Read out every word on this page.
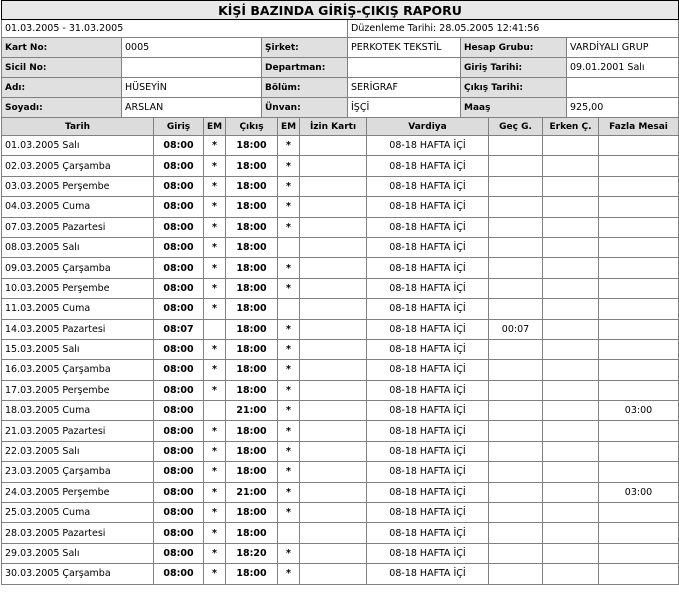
KİŞİ BAZINDA GİRİŞ-ÇIKIŞ RAPORU					
01.03.2005 - 31.03.2005			Düzenleme Tarihi: 28.05.2005 12:41:56		
Kart No:	0005	Şirket:	PERKOTEK TEKSTİL	Hesap Grubu:	VARDİYALI GRUP
Sicil No:		Departman:		Giriş Tarihi:	09.01.2001 Salı
Adı:	HÜSEYİN	Bölüm:	SERİGRAF	Çıkış Tarihi:	
Soyadı:	ARSLAN	Ünvan:	İŞÇİ	Maaş	925,00
Tarih	Giriş	EM	Çıkış	EM	İzin Kartı	Vardiya	Geç G.	Erken Ç.	Fazla Mesai
01.03.2005 Salı	08:00	*	18:00	*		08-18 HAFTA İÇİ			
02.03.2005 Çarşamba	08:00	*	18:00	*		08-18 HAFTA İÇİ			
03.03.2005 Perşembe	08:00	*	18:00	*		08-18 HAFTA İÇİ			
04.03.2005 Cuma	08:00	*	18:00	*		08-18 HAFTA İÇİ			
07.03.2005 Pazartesi	08:00	*	18:00	*		08-18 HAFTA İÇİ			
08.03.2005 Salı	08:00	*	18:00			08-18 HAFTA İÇİ			
09.03.2005 Çarşamba	08:00	*	18:00	*		08-18 HAFTA İÇİ			
10.03.2005 Perşembe	08:00	*	18:00	*		08-18 HAFTA İÇİ			
11.03.2005 Cuma	08:00	*	18:00			08-18 HAFTA İÇİ			
14.03.2005 Pazartesi	08:07		18:00	*		08-18 HAFTA İÇİ	00:07		
15.03.2005 Salı	08:00	*	18:00	*		08-18 HAFTA İÇİ			
16.03.2005 Çarşamba	08:00	*	18:00	*		08-18 HAFTA İÇİ			
17.03.2005 Perşembe	08:00	*	18:00	*		08-18 HAFTA İÇİ			
18.03.2005 Cuma	08:00		21:00	*		08-18 HAFTA İÇİ			03:00
21.03.2005 Pazartesi	08:00	*	18:00	*		08-18 HAFTA İÇİ			
22.03.2005 Salı	08:00	*	18:00	*		08-18 HAFTA İÇİ			
23.03.2005 Çarşamba	08:00	*	18:00	*		08-18 HAFTA İÇİ			
24.03.2005 Perşembe	08:00	*	21:00	*		08-18 HAFTA İÇİ			03:00
25.03.2005 Cuma	08:00	*	18:00	*		08-18 HAFTA İÇİ			
28.03.2005 Pazartesi	08:00	*	18:00			08-18 HAFTA İÇİ			
29.03.2005 Salı	08:00	*	18:20	*		08-18 HAFTA İÇİ			
30.03.2005 Çarşamba	08:00	*	18:00	*		08-18 HAFTA İÇİ			
